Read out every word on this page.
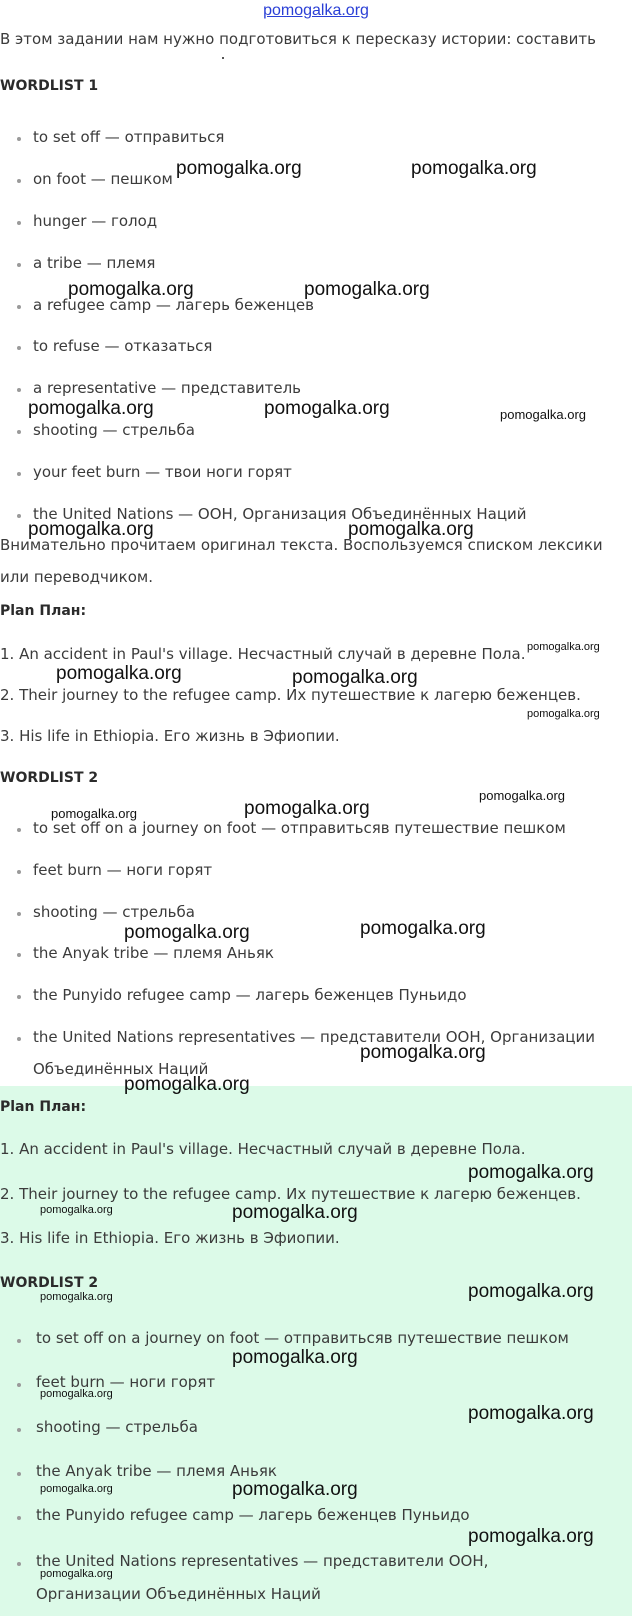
pomogalka.org
В этом задании нам нужно подготовиться к пересказу истории: составить
WORDLIST 1
to set off — отправиться
on foot — пешком
hunger — голод
a tribe — племя
a refugee camp — лагерь беженцев
to refuse — отказаться
a representative — представитель
shooting — стрельба
your feet burn — твои ноги горят
the United Nations — ООН, Организация Объединённых Наций
Внимательно прочитаем оригинал текста. Воспользуемся списком лексики
или переводчиком.
Plan План:
1. An accident in Paul's village. Несчастный случай в деревне Пола.
2. Their journey to the refugee camp. Их путешествие к лагерю беженцев.
3. His life in Ethiopia. Его жизнь в Эфиопии.
WORDLIST 2
to set off on a journey on foot — отправитьсяв путешествие пешком
feet burn — ноги горят
shooting — стрельба
the Anyak tribe — племя Аньяк
the Punyido refugee camp — лагерь беженцев Пуньидо
the United Nations representatives — представители ООН, Организации
Объединённых Наций
Plan План:
1. An accident in Paul's village. Несчастный случай в деревне Пола.
2. Their journey to the refugee camp. Их путешествие к лагерю беженцев.
3. His life in Ethiopia. Его жизнь в Эфиопии.
WORDLIST 2
to set off on a journey on foot — отправитьсяв путешествие пешком
feet burn — ноги горят
shooting — стрельба
the Anyak tribe — племя Аньяк
the Punyido refugee camp — лагерь беженцев Пуньидо
the United Nations representatives — представители ООН,
Организации Объединённых Наций
pomogalka.org	pomogalka.org
pomogalka.org	pomogalka.org
pomogalka.org	pomogalka.org	pomogalka.org
pomogalka.org	pomogalka.org
pomogalka.org
pomogalka.org	pomogalka.org
pomogalka.org
pomogalka.org
pomogalka.org	pomogalka.org
pomogalka.org	pomogalka.org
pomogalka.org
pomogalka.org
pomogalka.org
pomogalka.org	pomogalka.org
pomogalka.org
pomogalka.org
pomogalka.org
pomogalka.org
pomogalka.org
pomogalka.org	pomogalka.org
pomogalka.org
pomogalka.org
